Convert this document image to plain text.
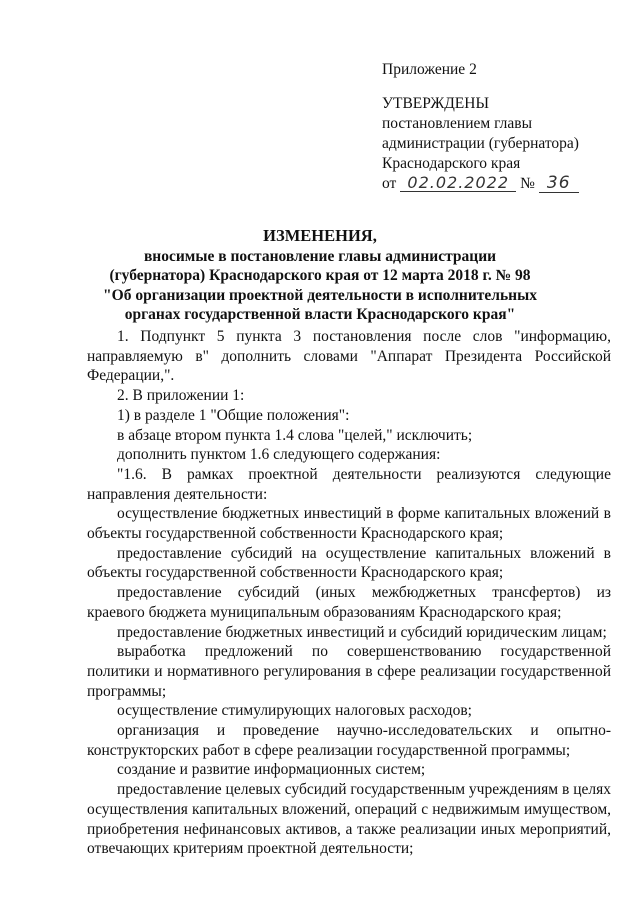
Приложение 2
УТВЕРЖДЕНЫ
постановлением главы
администрации (губернатора)
Краснодарского края
от 02.02.2022 № 36
ИЗМЕНЕНИЯ,
вносимые в постановление главы администрации
(губернатора) Краснодарского края от 12 марта 2018 г. № 98
"Об организации проектной деятельности в исполнительных
органах государственной власти Краснодарского края"

1. Подпункт 5 пункта 3 постановления после слов "информацию, направляемую в" дополнить словами "Аппарат Президента Российской Федерации,".

2. В приложении 1:

1) в разделе 1 "Общие положения":

в абзаце втором пункта 1.4 слова "целей," исключить;

дополнить пунктом 1.6 следующего содержания:

"1.6. В рамках проектной деятельности реализуются следующие направления деятельности:

осуществление бюджетных инвестиций в форме капитальных вложений в объекты государственной собственности Краснодарского края;

предоставление субсидий на осуществление капитальных вложений в объекты государственной собственности Краснодарского края;

предоставление субсидий (иных межбюджетных трансфертов) из краевого бюджета муниципальным образованиям Краснодарского края;

предоставление бюджетных инвестиций и субсидий юридическим лицам;

выработка предложений по совершенствованию государственной политики и нормативного регулирования в сфере реализации государственной программы;

осуществление стимулирующих налоговых расходов;

организация и проведение научно-исследовательских и опытно-конструкторских работ в сфере реализации государственной программы;

создание и развитие информационных систем;

предоставление целевых субсидий государственным учреждениям в целях осуществления капитальных вложений, операций с недвижимым имуществом, приобретения нефинансовых активов, а также реализации иных мероприятий, отвечающих критериям проектной деятельности;
